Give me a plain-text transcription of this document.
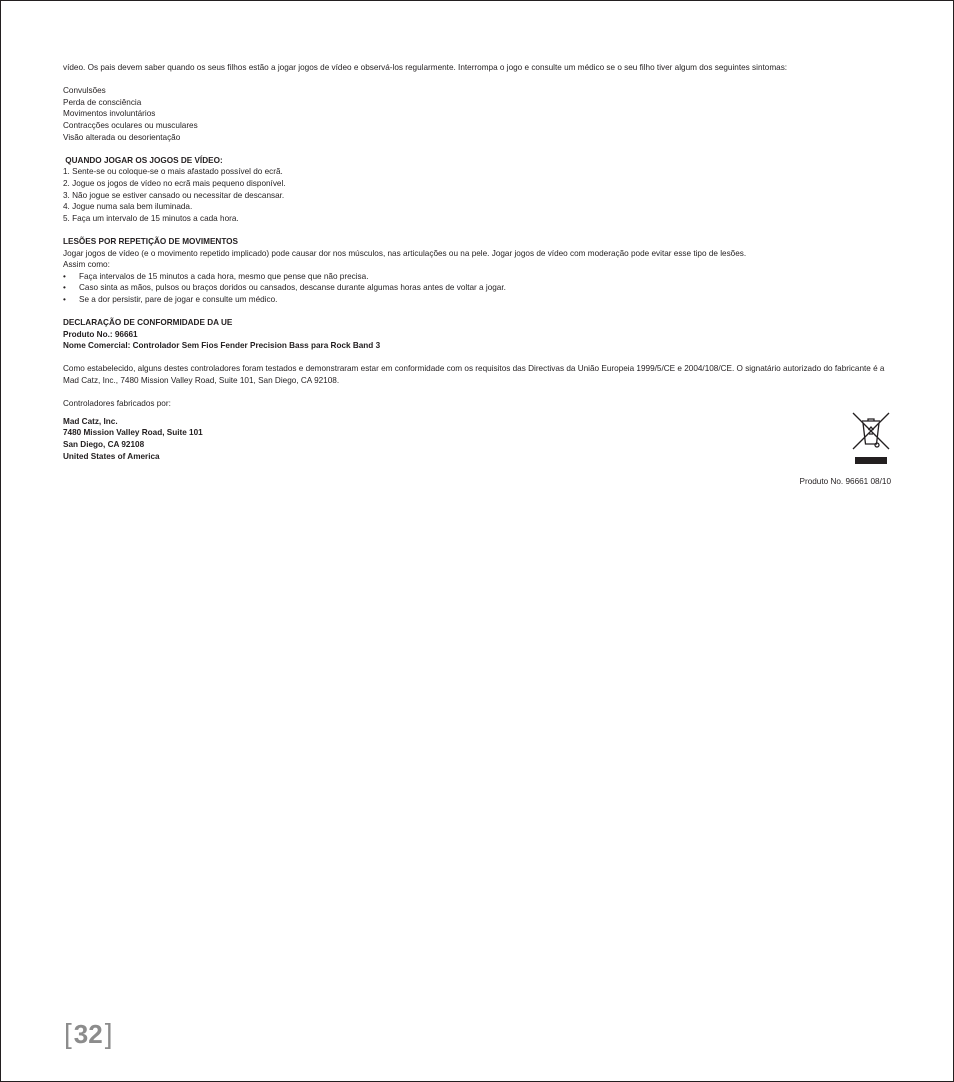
vídeo. Os pais devem saber quando os seus filhos estão a jogar jogos de vídeo e observá-los regularmente. Interrompa o jogo e consulte um médico se o seu filho tiver algum dos seguintes sintomas:

Convulsões

Perda de consciência

Movimentos involuntários

Contracções oculares ou musculares

Visão alterada ou desorientação

QUANDO JOGAR OS JOGOS DE VÍDEO:

1. Sente-se ou coloque-se o mais afastado possível do ecrã.

2. Jogue os jogos de vídeo no ecrã mais pequeno disponível.

3. Não jogue se estiver cansado ou necessitar de descansar.

4. Jogue numa sala bem iluminada.

5. Faça um intervalo de 15 minutos a cada hora.

LESÕES POR REPETIÇÃO DE MOVIMENTOS

Jogar jogos de vídeo (e o movimento repetido implicado) pode causar dor nos músculos, nas articulações ou na pele. Jogar jogos de vídeo com moderação pode evitar esse tipo de lesões.

Assim como:

• Faça intervalos de 15 minutos a cada hora, mesmo que pense que não precisa.

• Caso sinta as mãos, pulsos ou braços doridos ou cansados, descanse durante algumas horas antes de voltar a jogar.

• Se a dor persistir, pare de jogar e consulte um médico.

DECLARAÇÃO DE CONFORMIDADE DA UE

Produto No.: 96661

Nome Comercial: Controlador Sem Fios Fender Precision Bass para Rock Band 3

Como estabelecido, alguns destes controladores foram testados e demonstraram estar em conformidade com os requisitos das Directivas da União Europeia 1999/5/CE e 2004/108/CE. O signatário autorizado do fabricante é a Mad Catz, Inc., 7480 Mission Valley Road, Suite 101, San Diego, CA 92108.

Controladores fabricados por:

Mad Catz, Inc.

7480 Mission Valley Road, Suite 101

San Diego, CA 92108

United States of America

Produto No. 96661 08/10
[ 32 ]
